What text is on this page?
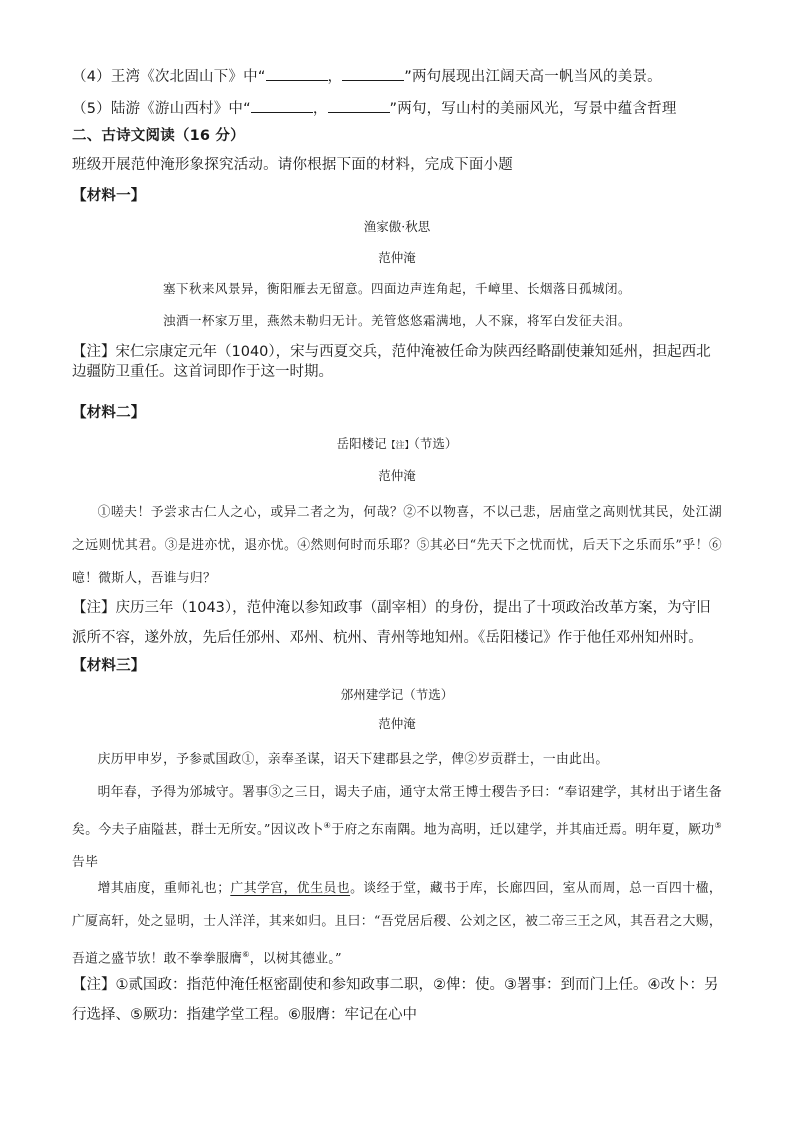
（4）王湾《次北固山下》中“	，	”两句展现出江阔天高一帆当风的美景。
（5）陆游《游山西村》中“	，	”两句，写山村的美丽风光，写景中蕴含哲理
二、古诗文阅读（16 分）
班级开展范仲淹形象探究活动。请你根据下面的材料，完成下面小题
【材料一】
渔家傲·秋思
范仲淹
塞下秋来风景异，衡阳雁去无留意。四面边声连角起，千嶂里、长烟落日孤城闭。
浊酒一杯家万里，燕然未勒归无计。羌管悠悠霜满地，人不寐，将军白发征夫泪。
【注】宋仁宗康定元年（1040），宋与西夏交兵，范仲淹被任命为陕西经略副使兼知延州，担起西北边疆防卫重任。这首词即作于这一时期。
【材料二】
岳阳楼记【注】（节选）
范仲淹
①嗟夫！予尝求古仁人之心，或异二者之为，何哉？②不以物喜，不以己悲，居庙堂之高则忧其民，处江湖之远则忧其君。③是进亦忧，退亦忧。④然则何时而乐耶？⑤其必曰“先天下之忧而忧，后天下之乐而乐”乎！⑥噫！微斯人，吾谁与归？
【注】庆历三年（1043），范仲淹以参知政事（副宰相）的身份，提出了十项政治改革方案，为守旧派所不容，遂外放，先后任邠州、邓州、杭州、青州等地知州。《岳阳楼记》作于他任邓州知州时。
【材料三】
邠州建学记（节选）
范仲淹
庆历甲申岁，予参贰国政①，亲奉圣谋，诏天下建郡县之学，俾②岁贡群士，一由此出。
明年春，予得为邠城守。署事③之三日，谒夫子庙，通守太常王博士稷告予曰：“奉诏建学，其材出于诸生备矣。今夫子庙隘甚，群士无所安。”因议改卜④于府之东南隅。地为高明，迁以建学，并其庙迁焉。明年夏，厥功⑤告毕
增其庙度，重师礼也；广其学宫，优生员也。谈经于堂，藏书于库，长廊四回，室从而周，总一百四十楹，广厦高轩，处之显明，士人洋洋，其来如归。且曰：“吾党居后稷、公刘之区，被二帝三王之风，其吾君之大赐，吾道之盛节欤！敢不拳拳服膺⑥，以树其德业。”
【注】①贰国政：指范仲淹任枢密副使和参知政事二职，②俾：使。③署事：到而门上任。④改卜：另行选择、⑤厥功：指建学堂工程。⑥服膺：牢记在心中
